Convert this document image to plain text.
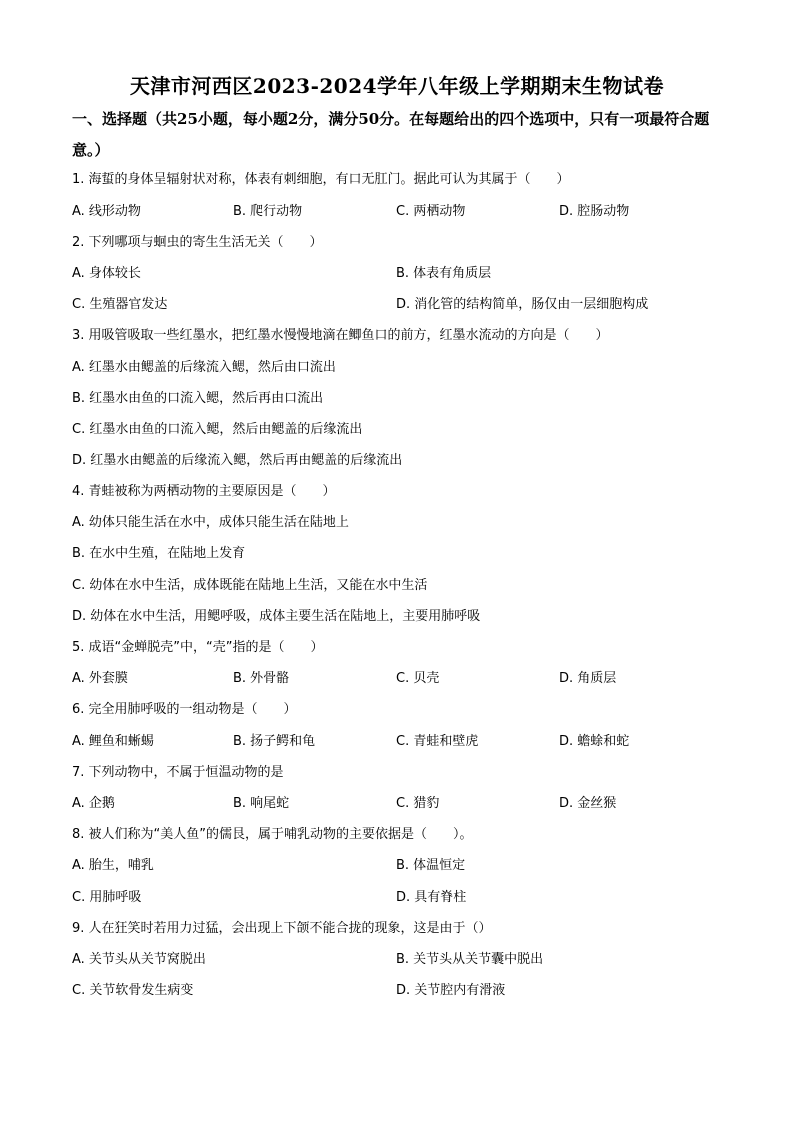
天津市河西区2023-2024学年八年级上学期期末生物试卷
一、选择题（共25小题，每小题2分，满分50分。在每题给出的四个选项中，只有一项最符合题意。）
1. 海蜇的身体呈辐射状对称，体表有刺细胞，有口无肛门。据此可认为其属于（　　）
A. 线形动物	B. 爬行动物	C. 两栖动物	D. 腔肠动物
2. 下列哪项与蛔虫的寄生生活无关（　　）
A. 身体较长	B. 体表有角质层
C. 生殖器官发达	D. 消化管的结构简单，肠仅由一层细胞构成
3. 用吸管吸取一些红墨水，把红墨水慢慢地滴在鲫鱼口的前方，红墨水流动的方向是（　　）
A. 红墨水由鳃盖的后缘流入鳃，然后由口流出
B. 红墨水由鱼的口流入鳃，然后再由口流出
C. 红墨水由鱼的口流入鳃，然后由鳃盖的后缘流出
D. 红墨水由鳃盖的后缘流入鳃，然后再由鳃盖的后缘流出
4. 青蛙被称为两栖动物的主要原因是（　　）
A. 幼体只能生活在水中，成体只能生活在陆地上
B. 在水中生殖，在陆地上发育
C. 幼体在水中生活，成体既能在陆地上生活，又能在水中生活
D. 幼体在水中生活，用鳃呼吸，成体主要生活在陆地上，主要用肺呼吸
5. 成语“金蝉脱壳”中，“壳”指的是（　　）
A. 外套膜	B. 外骨骼	C. 贝壳	D. 角质层
6. 完全用肺呼吸的一组动物是（　　）
A. 鲤鱼和蜥蜴	B. 扬子鳄和龟	C. 青蛙和壁虎	D. 蟾蜍和蛇
7. 下列动物中，不属于恒温动物的是
A. 企鹅	B. 响尾蛇	C. 猎豹	D. 金丝猴
8. 被人们称为“美人鱼”的儒艮，属于哺乳动物的主要依据是（　　）。
A. 胎生，哺乳	B. 体温恒定
C. 用肺呼吸	D. 具有脊柱
9. 人在狂笑时若用力过猛，会出现上下颌不能合拢的现象，这是由于（）
A. 关节头从关节窝脱出	B. 关节头从关节囊中脱出
C. 关节软骨发生病变	D. 关节腔内有滑液
